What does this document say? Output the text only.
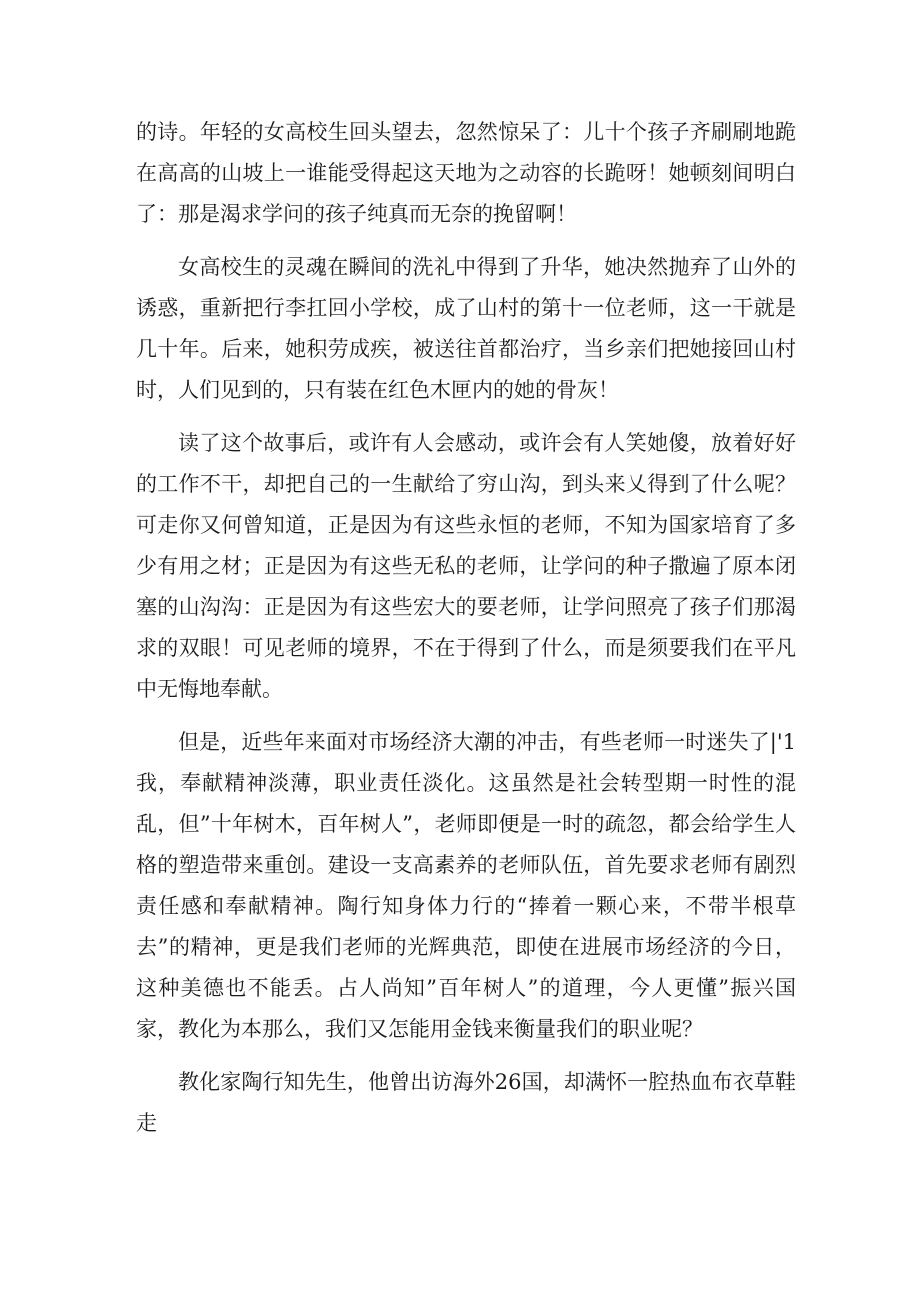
的诗。年轻的女高校生回头望去，忽然惊呆了：儿十个孩子齐刷刷地跪在高高的山坡上一谁能受得起这天地为之动容的长跪呀！她顿刻间明白了：那是渴求学问的孩子纯真而无奈的挽留啊！

女高校生的灵魂在瞬间的洗礼中得到了升华，她决然抛弃了山外的诱惑，重新把行李扛回小学校，成了山村的第十一位老师，这一干就是几十年。后来，她积劳成疾，被送往首都治疗，当乡亲们把她接回山村时，人们见到的，只有装在红色木匣内的她的骨灰！

读了这个故事后，或许有人会感动，或许会有人笑她傻，放着好好的工作不干，却把自己的一生献给了穷山沟，到头来乂得到了什么呢？可走你又何曾知道，正是因为有这些永恒的老师，不知为国家培育了多少有用之材；正是因为有这些无私的老师，让学问的种子撒遍了原本闭塞的山沟沟：正是因为有这些宏大的要老师，让学问照亮了孩子们那渴求的双眼！可见老师的境界，不在于得到了什么，而是须要我们在平凡中无悔地奉献。

但是，近些年来面对市场经济大潮的冲击，有些老师一时迷失了|'1我，奉献精神淡薄，职业责任淡化。这虽然是社会转型期一时性的混乱，但”十年树木，百年树人”，老师即便是一时的疏忽，都会给学生人格的塑造带来重创。建设一支高素养的老师队伍，首先要求老师有剧烈责任感和奉献精神。陶行知身体力行的“捧着一颗心来，不带半根草去”的精神，更是我们老师的光辉典范，即使在进展市场经济的今日，这种美德也不能丢。占人尚知”百年树人”的道理，今人更懂”振兴国家，教化为本那么，我们又怎能用金钱来衡量我们的职业呢？

教化家陶行知先生，他曾出访海外26国，却满怀一腔热血布衣草鞋走
